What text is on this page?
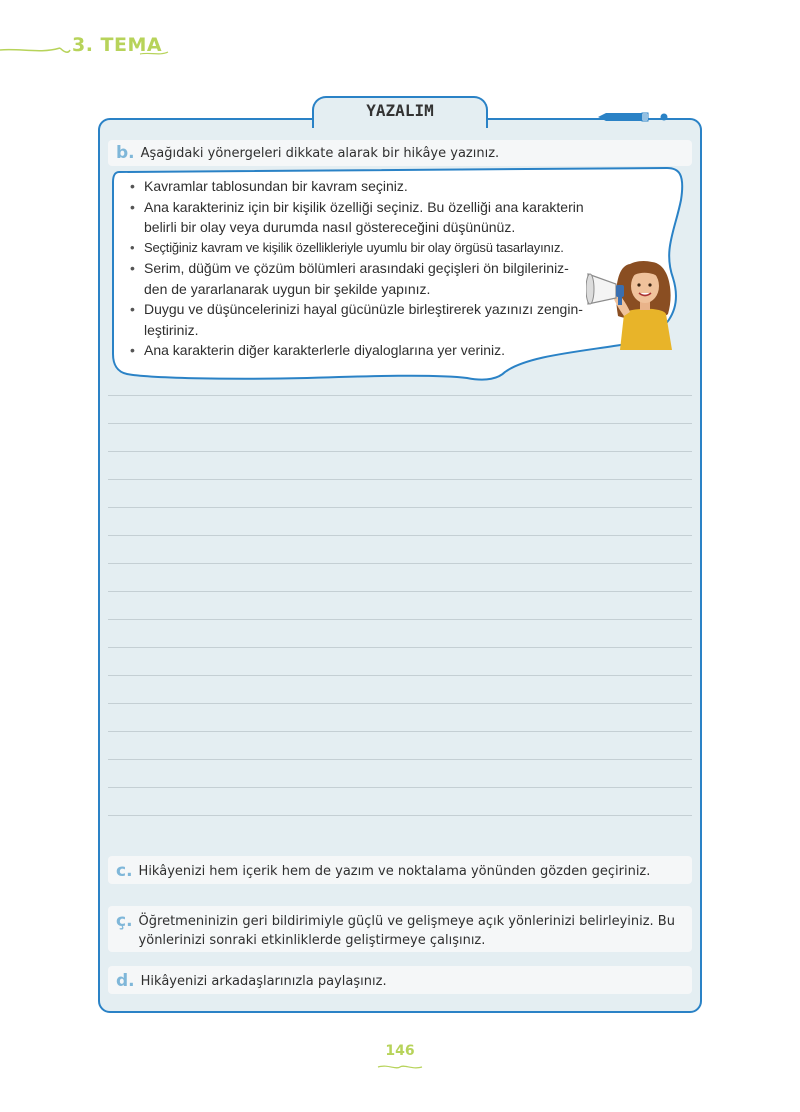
3. TEMA
YAZALIM
b. Aşağıdaki yönergeleri dikkate alarak bir hikâye yazınız.
• Kavramlar tablosundan bir kavram seçiniz.
• Ana karakteriniz için bir kişilik özelliği seçiniz. Bu özelliği ana karakterin
belirli bir olay veya durumda nasıl göstereceğini düşününüz.
• Seçtiğiniz kavram ve kişilik özellikleriyle uyumlu bir olay örgüsü tasarlayınız.
• Serim, düğüm ve çözüm bölümleri arasındaki geçişleri ön bilgileriniz-
den de yararlanarak uygun bir şekilde yapınız.
• Duygu ve düşüncelerinizi hayal gücünüzle birleştirerek yazınızı zengin-
leştiriniz.
• Ana karakterin diğer karakterlerle diyaloglarına yer veriniz.
c. Hikâyenizi hem içerik hem de yazım ve noktalama yönünden gözden geçiriniz.
ç. Öğretmeninizin geri bildirimiyle güçlü ve gelişmeye açık yönlerinizi belirleyiniz. Bu yönlerinizi sonraki etkinliklerde geliştirmeye çalışınız.
d. Hikâyenizi arkadaşlarınızla paylaşınız.
146
